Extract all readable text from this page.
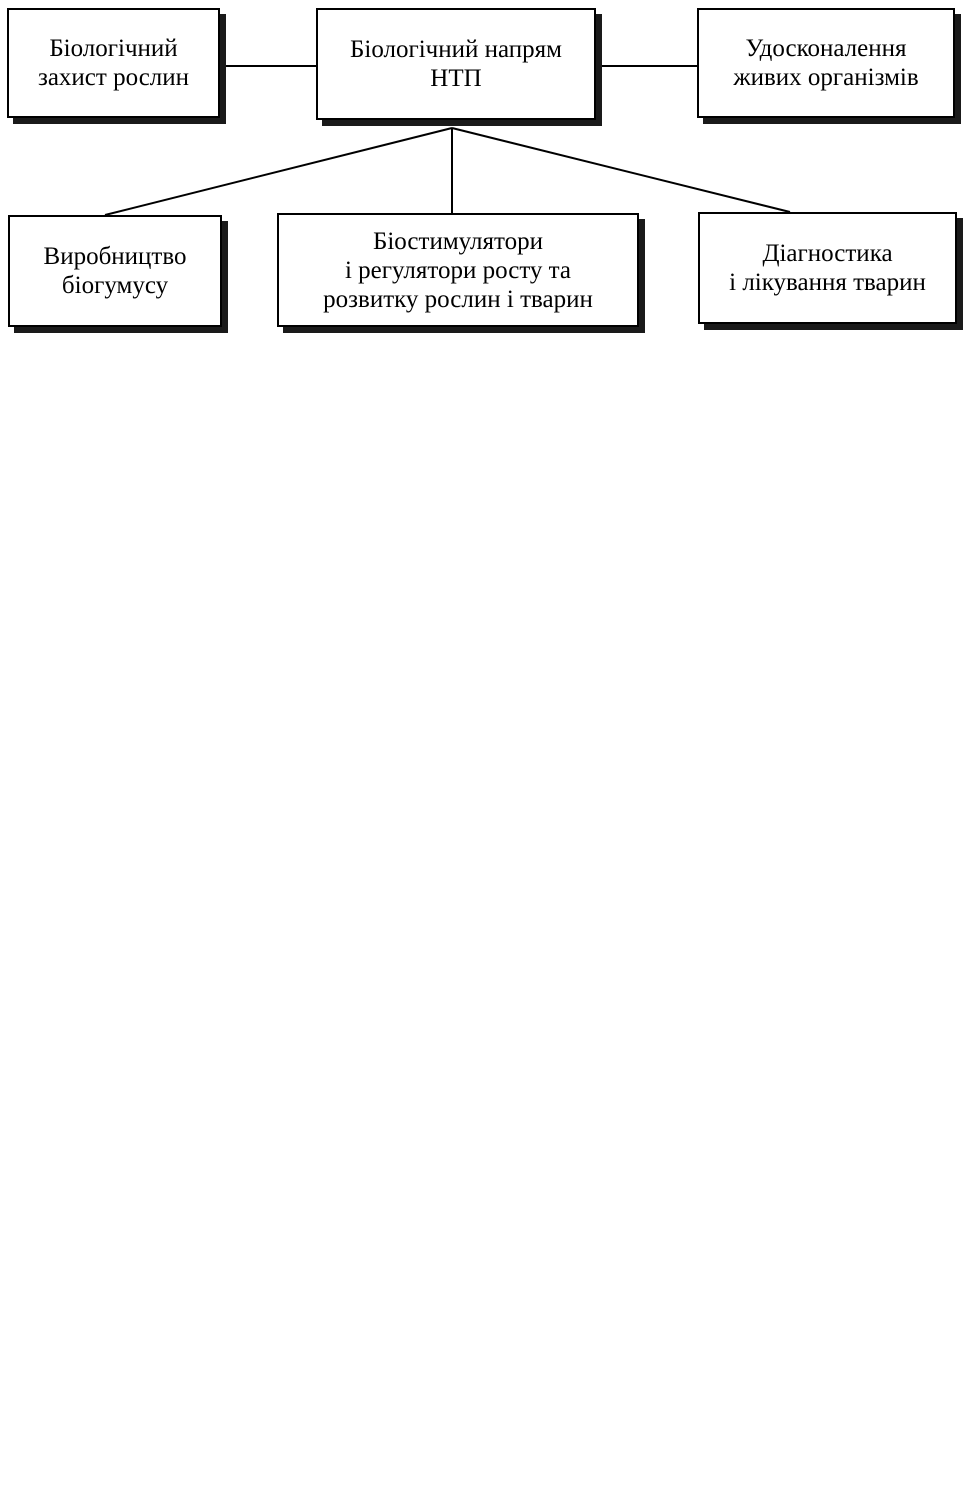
Біологічний
захист рослин
Біологічний напрям
НТП
Удосконалення
живих організмів
Виробництво
біогумусу
Біостимулятори
і регулятори росту та
розвитку рослин і тварин
Діагностика
і лікування тварин
